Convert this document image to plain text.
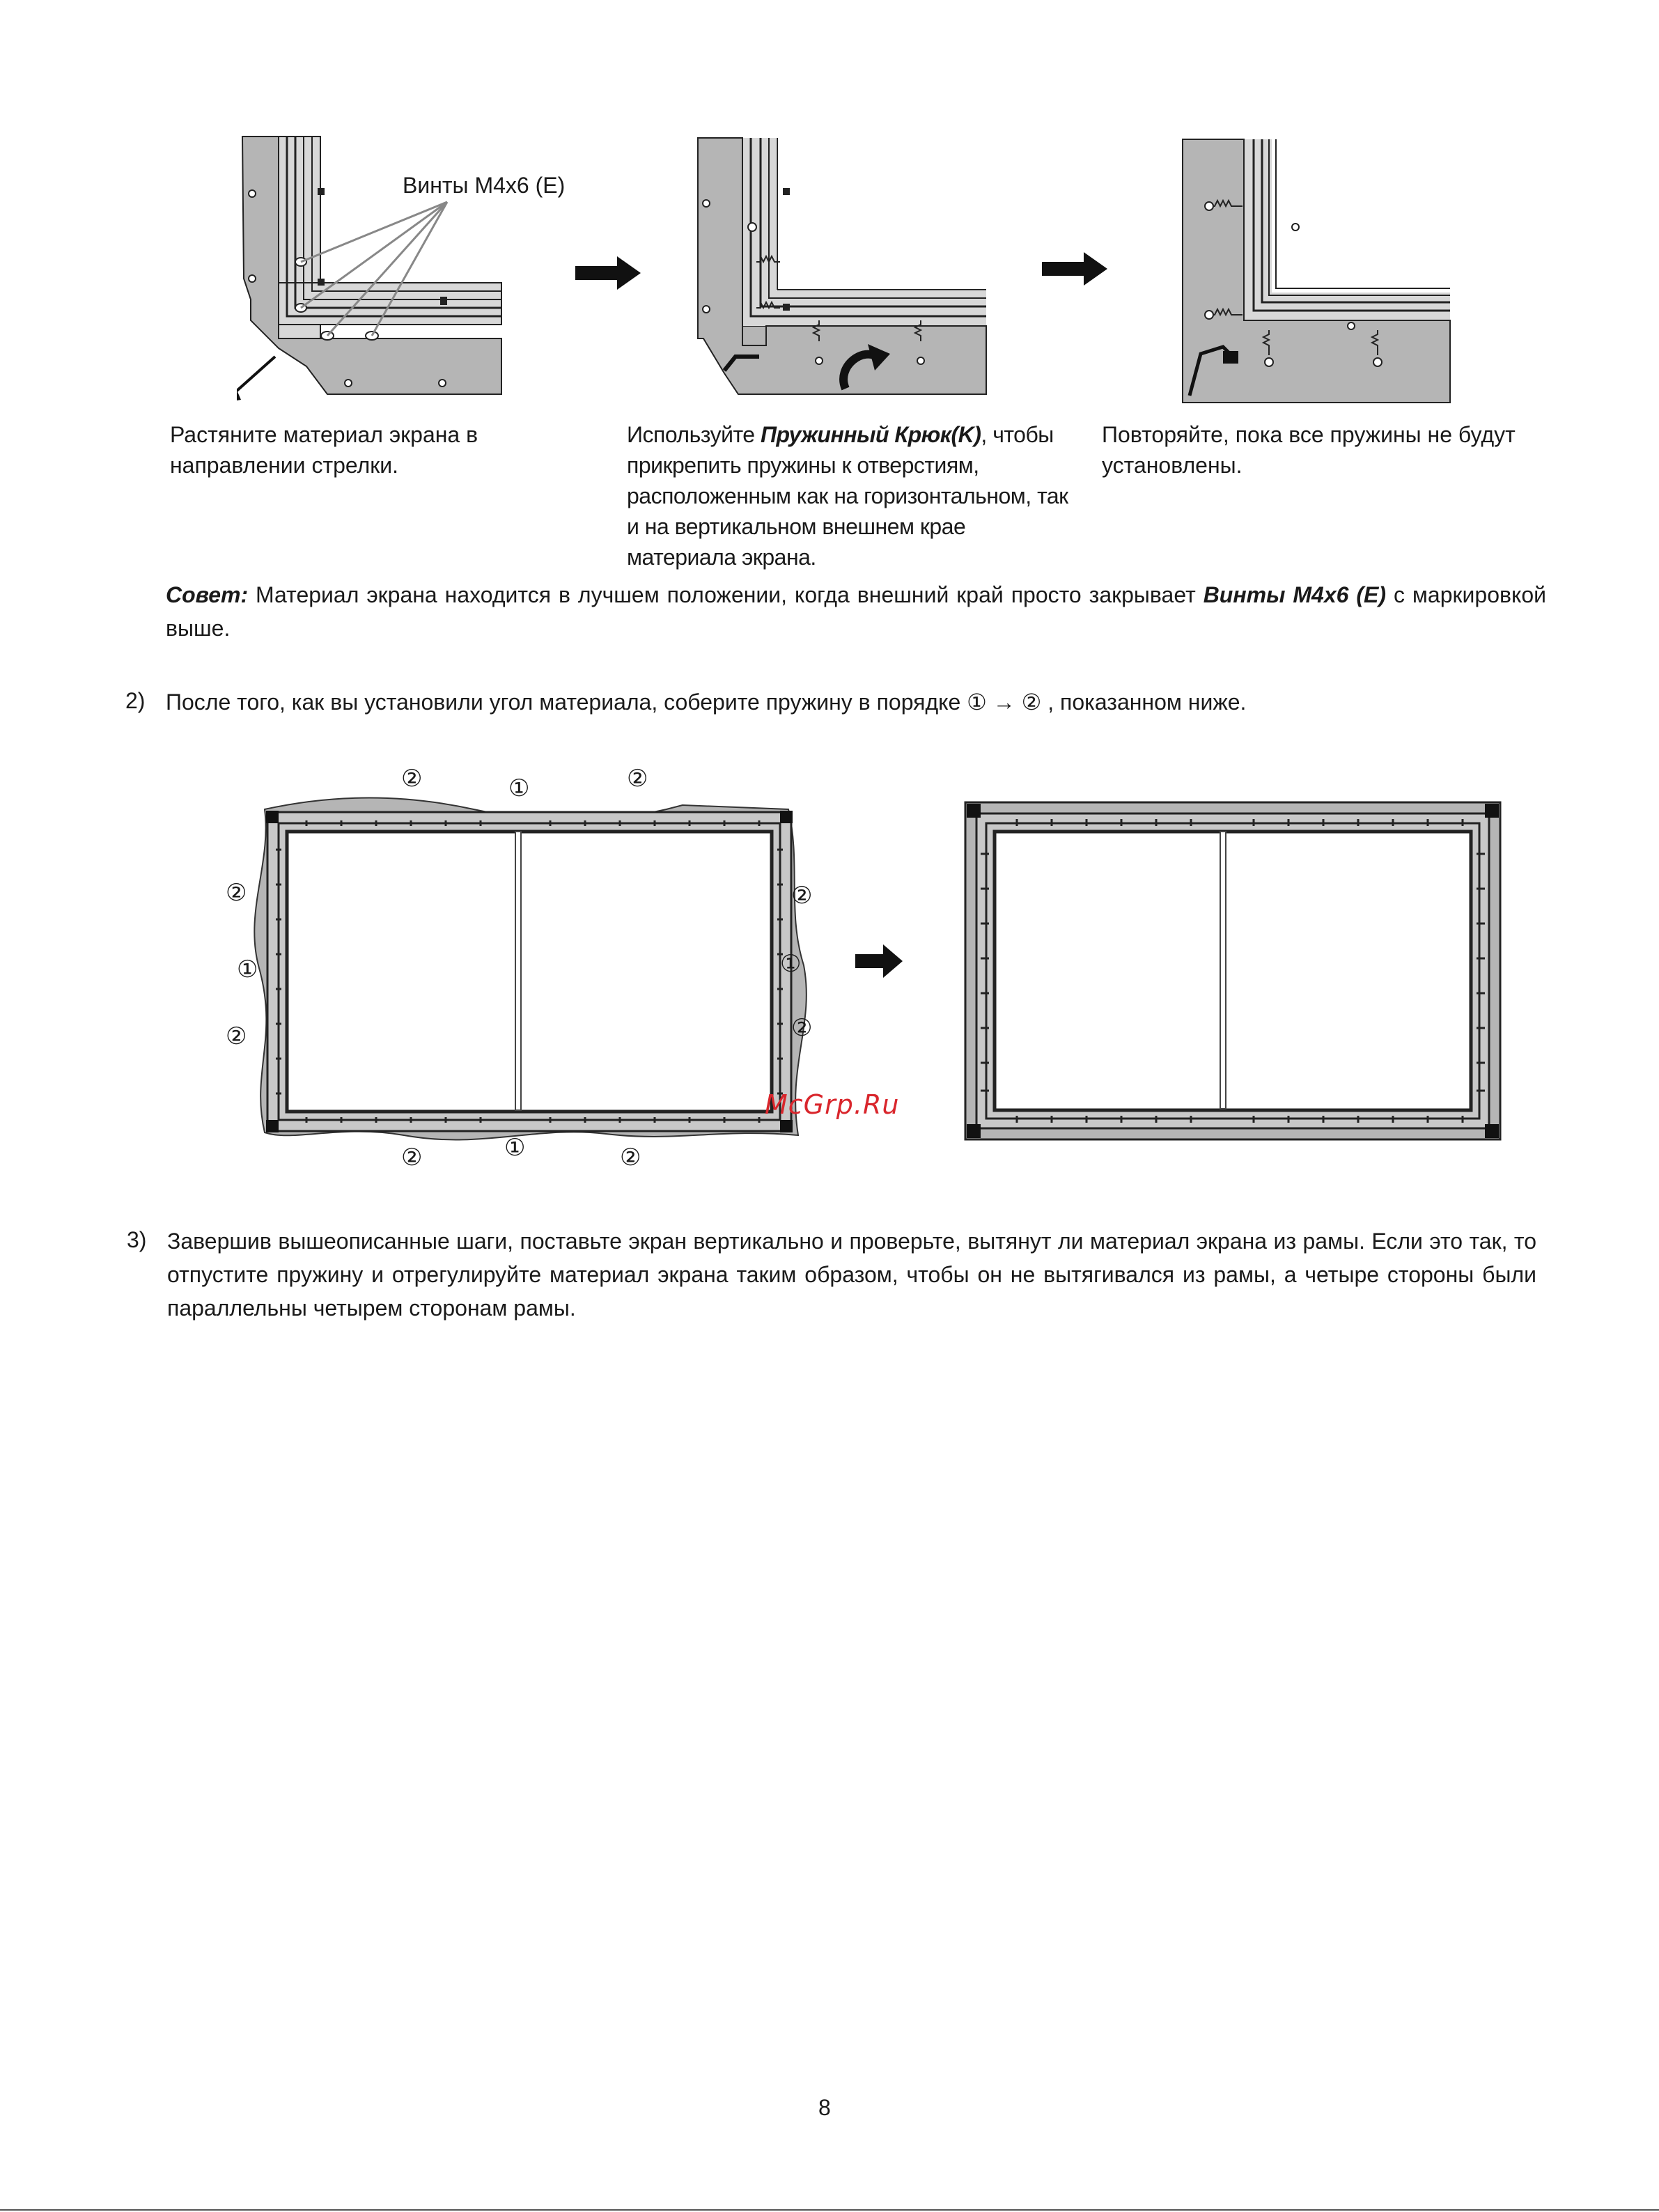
Винты M4x6 (E)
Растяните материал экрана в направлении стрелки.
Используйте Пружинный Крюк(K), чтобы прикрепить пружины к отверстиям, расположенным как на горизонтальном, так и на вертикальном внешнем крае материала экрана.
Повторяйте, пока все пружины не будут установлены.
Совет: Материал экрана находится в лучшем положении, когда внешний край просто закрывает Винты M4x6 (E) с маркировкой выше.
2) После того, как вы установили угол материала, соберите пружину в порядке ① → ② , показанном ниже.
②	①	②
②
①
②
②
①
②
②	①	②
McGrp.Ru
3) Завершив вышеописанные шаги, поставьте экран вертикально и проверьте, вытянут ли материал экрана из рамы. Если это так, то отпустите пружину и отрегулируйте материал экрана таким образом, чтобы он не вытягивался из рамы, а четыре стороны были параллельны четырем сторонам рамы.
8
